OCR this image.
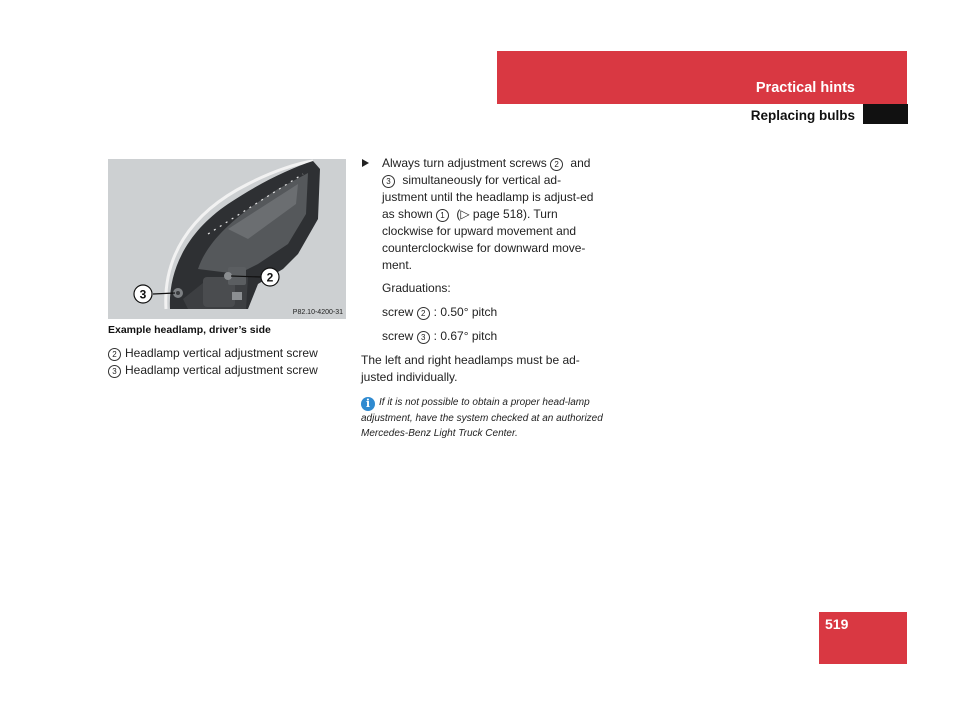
Practical hints
Replacing bulbs
3
2
P82.10-4200-31
Example headlamp, driver’s side
2 Headlamp vertical adjustment screw
3 Headlamp vertical adjustment screw
Always turn adjustment screws 2 and 3 simultaneously for vertical ad-justment until the headlamp is adjust-ed as shown 1 (▷ page 518). Turn clockwise for upward movement and counterclockwise for downward move-ment.

Graduations:

screw 2 : 0.50° pitch

screw 3 : 0.67° pitch

The left and right headlamps must be ad-justed individually.

i If it is not possible to obtain a proper head-lamp adjustment, have the system checked at an authorized Mercedes-Benz Light Truck Center.
519
